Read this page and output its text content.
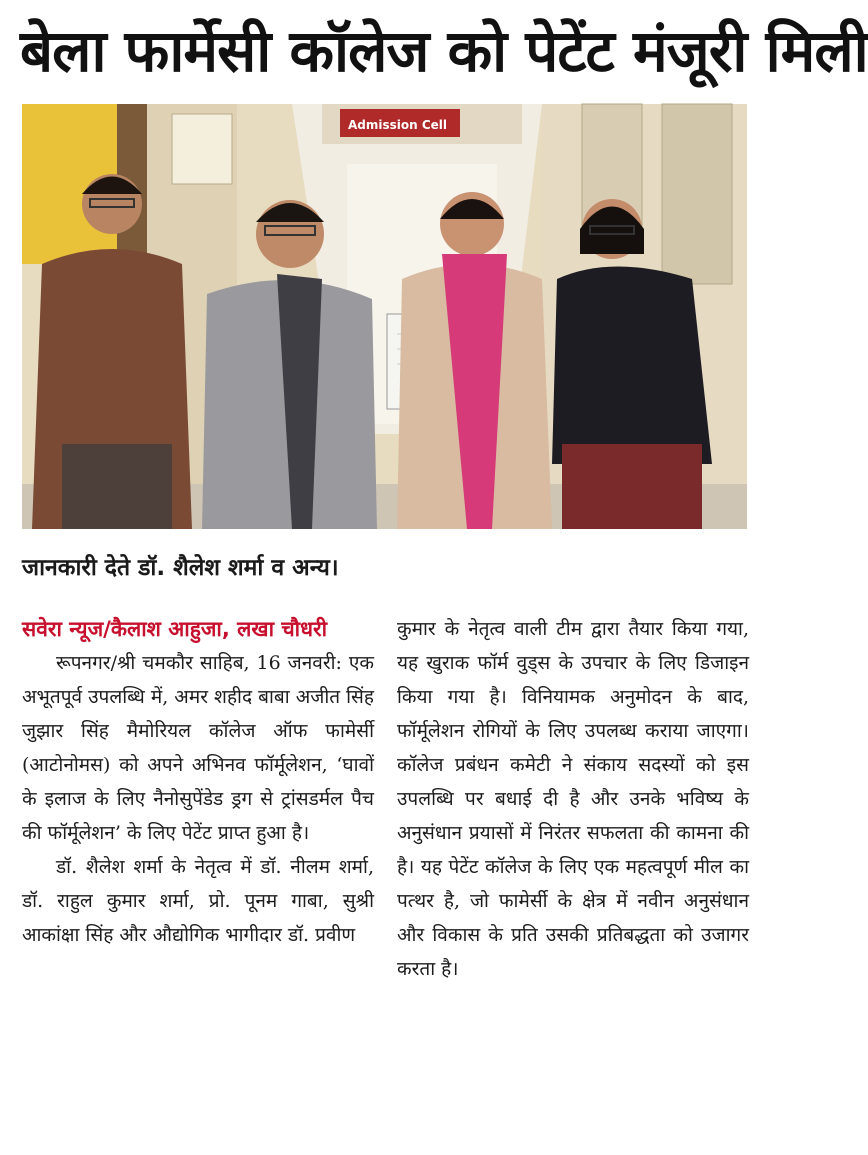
बेला फार्मेसी कॉलेज को पेटेंट मंजूरी मिली
Admission Cell
जानकारी देते डॉ. शैलेश शर्मा व अन्य।

सवेरा न्यूज/कैलाश आहुजा, लखा चौधरी

रूपनगर/श्री चमकौर साहिब, 16 जनवरी: एक अभूतपूर्व उपलब्धि में, अमर शहीद बाबा अजीत सिंह जुझार सिंह मैमोरियल कॉलेज ऑफ फामेर्सी (आटोनोमस) को अपने अभिनव फॉर्मूलेशन, ‘घावों के इलाज के लिए नैनोसुपेंडेड ड्रग से ट्रांसडर्मल पैच की फॉर्मूलेशन’ के लिए पेटेंट प्राप्त हुआ है।

डॉ. शैलेश शर्मा के नेतृत्व में डॉ. नीलम शर्मा, डॉ. राहुल कुमार शर्मा, प्रो. पूनम गाबा, सुश्री आकांक्षा सिंह और औद्योगिक भागीदार डॉ. प्रवीण

कुमार के नेतृत्व वाली टीम द्वारा तैयार किया गया, यह खुराक फॉर्म वुड्स के उपचार के लिए डिजाइन किया गया है। विनियामक अनुमोदन के बाद, फॉर्मूलेशन रोगियों के लिए उपलब्ध कराया जाएगा। कॉलेज प्रबंधन कमेटी ने संकाय सदस्यों को इस उपलब्धि पर बधाई दी है और उनके भविष्य के अनुसंधान प्रयासों में निरंतर सफलता की कामना की है। यह पेटेंट कॉलेज के लिए एक महत्वपूर्ण मील का पत्थर है, जो फामेर्सी के क्षेत्र में नवीन अनुसंधान और विकास के प्रति उसकी प्रतिबद्धता को उजागर करता है।
